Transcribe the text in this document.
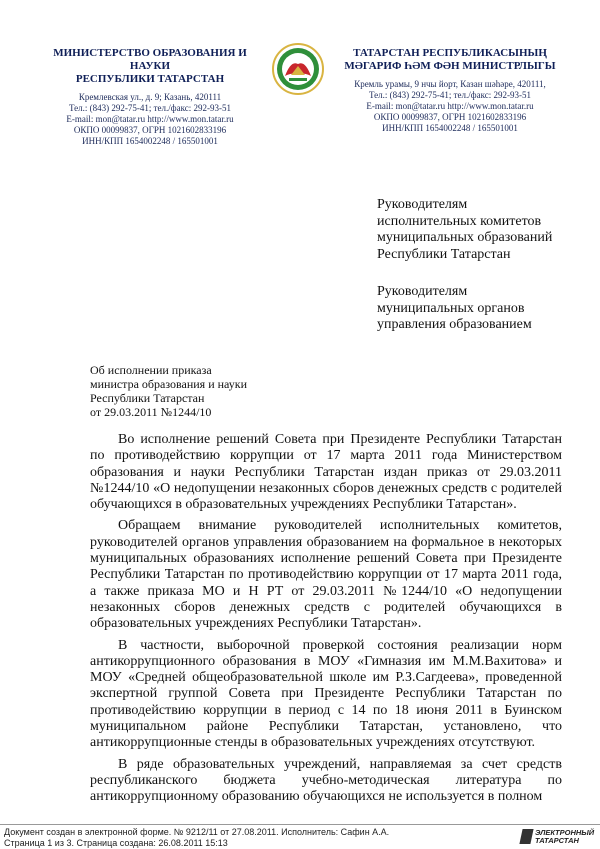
МИНИСТЕРСТВО ОБРАЗОВАНИЯ И НАУКИ
РЕСПУБЛИКИ ТАТАРСТАН
Кремлевская ул., д. 9; Казань, 420111
Тел.: (843) 292-75-41; тел./факс: 292-93-51
E-mail: mon@tatar.ru http://www.mon.tatar.ru
ОКПО 00099837, ОГРН 1021602833196
ИНН/КПП 1654002248 / 165501001
ТАТАРСТАН РЕСПУБЛИКАСЫНЫҢ
МӘГАРИФ ҺӘМ ФӘН МИНИСТРЛЫГЫ
Кремль урамы, 9 нчы йорт, Казан шәһәре, 420111,
Тел.: (843) 292-75-41; тел./факс: 292-93-51
E-mail: mon@tatar.ru http://www.mon.tatar.ru
ОКПО 00099837, ОГРН 1021602833196
ИНН/КПП 1654002248 / 165501001
Руководителям
исполнительных комитетов
муниципальных образований
Республики Татарстан
Руководителям
муниципальных органов
управления образованием
Об исполнении приказа
министра образования и науки
Республики Татарстан
от 29.03.2011 №1244/10

Во исполнение решений Совета при Президенте Республики Татарстан по противодействию коррупции от 17 марта 2011 года Министерством образования и науки Республики Татарстан издан приказ от 29.03.2011 №1244/10 «О недопущении незаконных сборов денежных средств с родителей обучающихся в образовательных учреждениях Республики Татарстан».

Обращаем внимание руководителей исполнительных комитетов, руководителей органов управления образованием на формальное в некоторых муниципальных образованиях исполнение решений Совета при Президенте Республики Татарстан по противодействию коррупции от 17 марта 2011 года, а также приказа МО и Н РТ от 29.03.2011 №1244/10 «О недопущении незаконных сборов денежных средств с родителей обучающихся в образовательных учреждениях Республики Татарстан».

В частности, выборочной проверкой состояния реализации норм антикоррупционного образования в МОУ «Гимназия им М.М.Вахитова» и МОУ «Средней общеобразовательной школе им Р.З.Сагдеева», проведенной экспертной группой Совета при Президенте Республики Татарстан по противодействию коррупции в период с 14 по 18 июня 2011 в Буинском муниципальном районе Республики Татарстан, установлено, что антикоррупционные стенды в образовательных учреждениях отсутствуют.

В ряде образовательных учреждений, направляемая за счет средств республиканского бюджета учебно-методическая литература по антикоррупционному образованию обучающихся не используется в полном

Документ создан в электронной форме. № 9212/11 от 27.08.2011. Исполнитель: Сафин А.А.
Страница 1 из 3. Страница создана: 26.08.2011 15:13
ЭЛЕКТРОННЫЙ
ТАТАРСТАН
